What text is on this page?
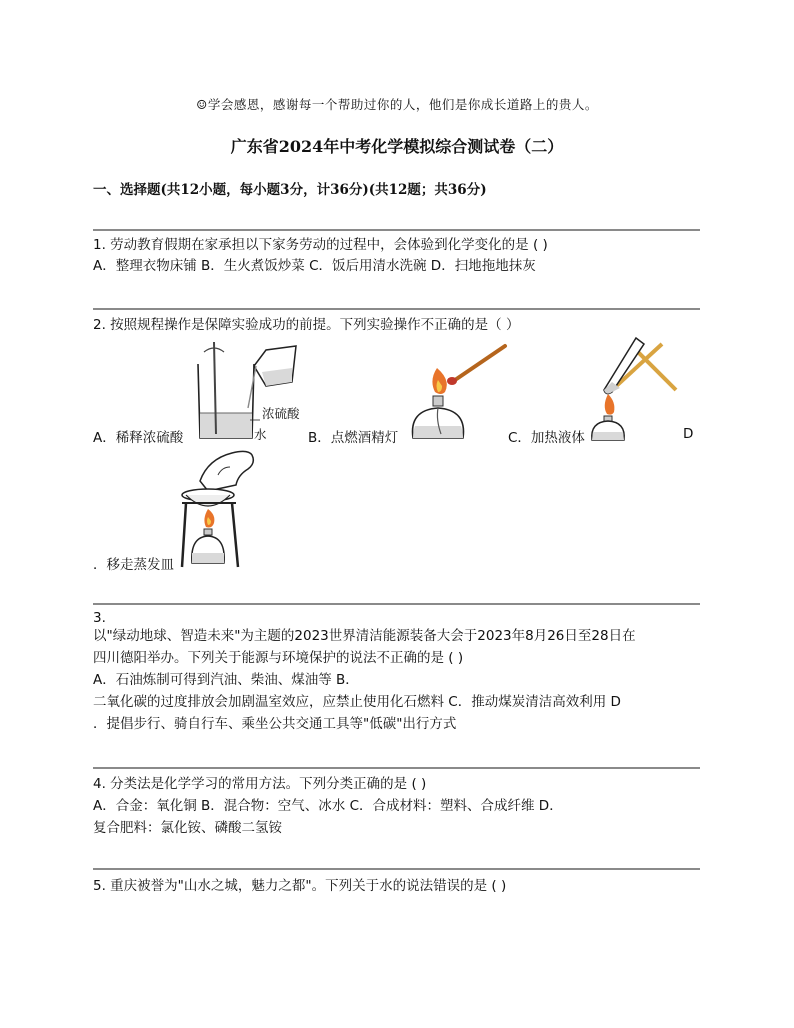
☺学会感恩，感谢每一个帮助过你的人，他们是你成长道路上的贵人。
广东省2024年中考化学模拟综合测试卷（二）
一、选择题(共12小题，每小题3分，计36分)(共12题；共36分)
1. 劳动教育假期在家承担以下家务劳动的过程中，会体验到化学变化的是 ( )
A．整理衣物床铺 B．生火煮饭炒菜 C．饭后用清水洗碗 D．扫地拖地抹灰
2. 按照规程操作是保障实验成功的前提。下列实验操作不正确的是（ ）
浓硫酸
水
A．稀释浓硫酸	B．点燃酒精灯	C．加热液体	D
．移走蒸发皿
3.
以"绿动地球、智造未来"为主题的2023世界清洁能源装备大会于2023年8月26日至28日在
四川德阳举办。下列关于能源与环境保护的说法不正确的是 ( )
A．石油炼制可得到汽油、柴油、煤油等 B．
二氧化碳的过度排放会加剧温室效应，应禁止使用化石燃料 C．推动煤炭清洁高效利用 D
．提倡步行、骑自行车、乘坐公共交通工具等"低碳"出行方式
4. 分类法是化学学习的常用方法。下列分类正确的是 ( )
A．合金：氧化铜 B．混合物：空气、冰水 C．合成材料：塑料、合成纤维 D．
复合肥料：氯化铵、磷酸二氢铵
5. 重庆被誉为"山水之城，魅力之都"。下列关于水的说法错误的是 ( )
